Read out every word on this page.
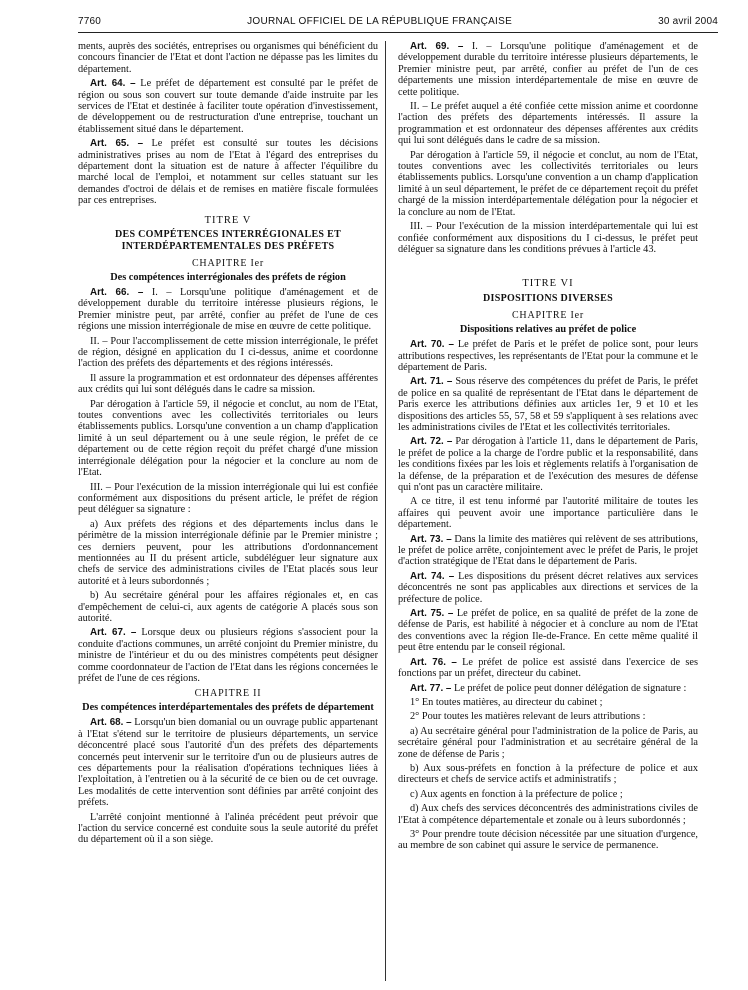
7760	JOURNAL OFFICIEL DE LA RÉPUBLIQUE FRANÇAISE	30 avril 2004

ments, auprès des sociétés, entreprises ou organismes qui bénéficient du concours financier de l'Etat et dont l'action ne dépasse pas les limites du département.

Art. 64. – Le préfet de département est consulté par le préfet de région ou sous son couvert sur toute demande d'aide instruite par les services de l'Etat et destinée à faciliter toute opération d'investissement, de développement ou de restructuration d'une entreprise, touchant un établissement situé dans le département.

Art. 65. – Le préfet est consulté sur toutes les décisions administratives prises au nom de l'Etat à l'égard des entreprises du département dont la situation est de nature à affecter l'équilibre du marché local de l'emploi, et notamment sur celles statuant sur les demandes d'octroi de délais et de remises en matière fiscale formulées par ces entreprises.

TITRE V
DES COMPÉTENCES INTERRÉGIONALES ET INTERDÉPARTEMENTALES DES PRÉFETS
CHAPITRE Ier
Des compétences interrégionales des préfets de région

Art. 66. – I. – Lorsqu'une politique d'aménagement et de développement durable du territoire intéresse plusieurs régions, le Premier ministre peut, par arrêté, confier au préfet de l'une de ces régions une mission interrégionale de mise en œuvre de cette politique.

II. – Pour l'accomplissement de cette mission interrégionale, le préfet de région, désigné en application du I ci-dessus, anime et coordonne l'action des préfets des départements et des régions intéressés.

Il assure la programmation et est ordonnateur des dépenses afférentes aux crédits qui lui sont délégués dans le cadre sa mission.

Par dérogation à l'article 59, il négocie et conclut, au nom de l'Etat, toutes conventions avec les collectivités territoriales ou leurs établissements publics. Lorsqu'une convention a un champ d'application limité à un seul département ou à une seule région, le préfet de ce département ou de cette région reçoit du préfet chargé d'une mission interrégionale délégation pour la négocier et la conclure au nom de l'Etat.

III. – Pour l'exécution de la mission interrégionale qui lui est confiée conformément aux dispositions du présent article, le préfet de région peut déléguer sa signature :

a) Aux préfets des régions et des départements inclus dans le périmètre de la mission interrégionale définie par le Premier ministre ; ces derniers peuvent, pour les attributions d'ordonnancement mentionnées au II du présent article, subdéléguer leur signature aux chefs de service des administrations civiles de l'Etat placés sous leur autorité et à leurs subordonnés ;

b) Au secrétaire général pour les affaires régionales et, en cas d'empêchement de celui-ci, aux agents de catégorie A placés sous son autorité.

Art. 67. – Lorsque deux ou plusieurs régions s'associent pour la conduite d'actions communes, un arrêté conjoint du Premier ministre, du ministre de l'intérieur et du ou des ministres compétents peut désigner comme coordonnateur de l'action de l'Etat dans les régions concernées le préfet de l'une de ces régions.

CHAPITRE II
Des compétences interdépartementales des préfets de département

Art. 68. – Lorsqu'un bien domanial ou un ouvrage public appartenant à l'Etat s'étend sur le territoire de plusieurs départements, un service déconcentré placé sous l'autorité d'un des préfets des départements concernés peut intervenir sur le territoire d'un ou de plusieurs autres de ces départements pour la réalisation d'opérations techniques liées à l'exploitation, à l'entretien ou à la sécurité de ce bien ou de cet ouvrage. Les modalités de cette intervention sont définies par arrêté conjoint des préfets.

L'arrêté conjoint mentionné à l'alinéa précédent peut prévoir que l'action du service concerné est conduite sous la seule autorité du préfet du département où il a son siège.

Art. 69. – I. – Lorsqu'une politique d'aménagement et de développement durable du territoire intéresse plusieurs départements, le Premier ministre peut, par arrêté, confier au préfet de l'un de ces départements une mission interdépartementale de mise en œuvre de cette politique.

II. – Le préfet auquel a été confiée cette mission anime et coordonne l'action des préfets des départements intéressés. Il assure la programmation et est ordonnateur des dépenses afférentes aux crédits qui lui sont délégués dans le cadre de sa mission.

Par dérogation à l'article 59, il négocie et conclut, au nom de l'Etat, toutes conventions avec les collectivités territoriales ou leurs établissements publics. Lorsqu'une convention a un champ d'application limité à un seul département, le préfet de ce département reçoit du préfet chargé de la mission interdépartementale délégation pour la négocier et la conclure au nom de l'Etat.

III. – Pour l'exécution de la mission interdépartementale qui lui est confiée conformément aux dispositions du I ci-dessus, le préfet peut déléguer sa signature dans les conditions prévues à l'article 43.

TITRE VI
DISPOSITIONS DIVERSES
CHAPITRE Ier
Dispositions relatives au préfet de police

Art. 70. – Le préfet de Paris et le préfet de police sont, pour leurs attributions respectives, les représentants de l'Etat pour la commune et le département de Paris.

Art. 71. – Sous réserve des compétences du préfet de Paris, le préfet de police en sa qualité de représentant de l'Etat dans le département de Paris exerce les attributions définies aux articles 1er, 9 et 10 et les dispositions des articles 55, 57, 58 et 59 s'appliquent à ses relations avec les administrations civiles de l'Etat et les collectivités territoriales.

Art. 72. – Par dérogation à l'article 11, dans le département de Paris, le préfet de police a la charge de l'ordre public et la responsabilité, dans les conditions fixées par les lois et règlements relatifs à l'organisation de la défense, de la préparation et de l'exécution des mesures de défense qui n'ont pas un caractère militaire.

A ce titre, il est tenu informé par l'autorité militaire de toutes les affaires qui peuvent avoir une importance particulière dans le département.

Art. 73. – Dans la limite des matières qui relèvent de ses attributions, le préfet de police arrête, conjointement avec le préfet de Paris, le projet d'action stratégique de l'Etat dans le département de Paris.

Art. 74. – Les dispositions du présent décret relatives aux services déconcentrés ne sont pas applicables aux directions et services de la préfecture de police.

Art. 75. – Le préfet de police, en sa qualité de préfet de la zone de défense de Paris, est habilité à négocier et à conclure au nom de l'Etat des conventions avec la région Ile-de-France. En cette même qualité il peut être entendu par le conseil régional.

Art. 76. – Le préfet de police est assisté dans l'exercice de ses fonctions par un préfet, directeur du cabinet.

Art. 77. – Le préfet de police peut donner délégation de signature :

1° En toutes matières, au directeur du cabinet ;

2° Pour toutes les matières relevant de leurs attributions :

a) Au secrétaire général pour l'administration de la police de Paris, au secrétaire général pour l'administration et au secrétaire général de la zone de défense de Paris ;

b) Aux sous-préfets en fonction à la préfecture de police et aux directeurs et chefs de service actifs et administratifs ;

c) Aux agents en fonction à la préfecture de police ;

d) Aux chefs des services déconcentrés des administrations civiles de l'Etat à compétence départementale et zonale ou à leurs subordonnés ;

3° Pour prendre toute décision nécessitée par une situation d'urgence, au membre de son cabinet qui assure le service de permanence.
